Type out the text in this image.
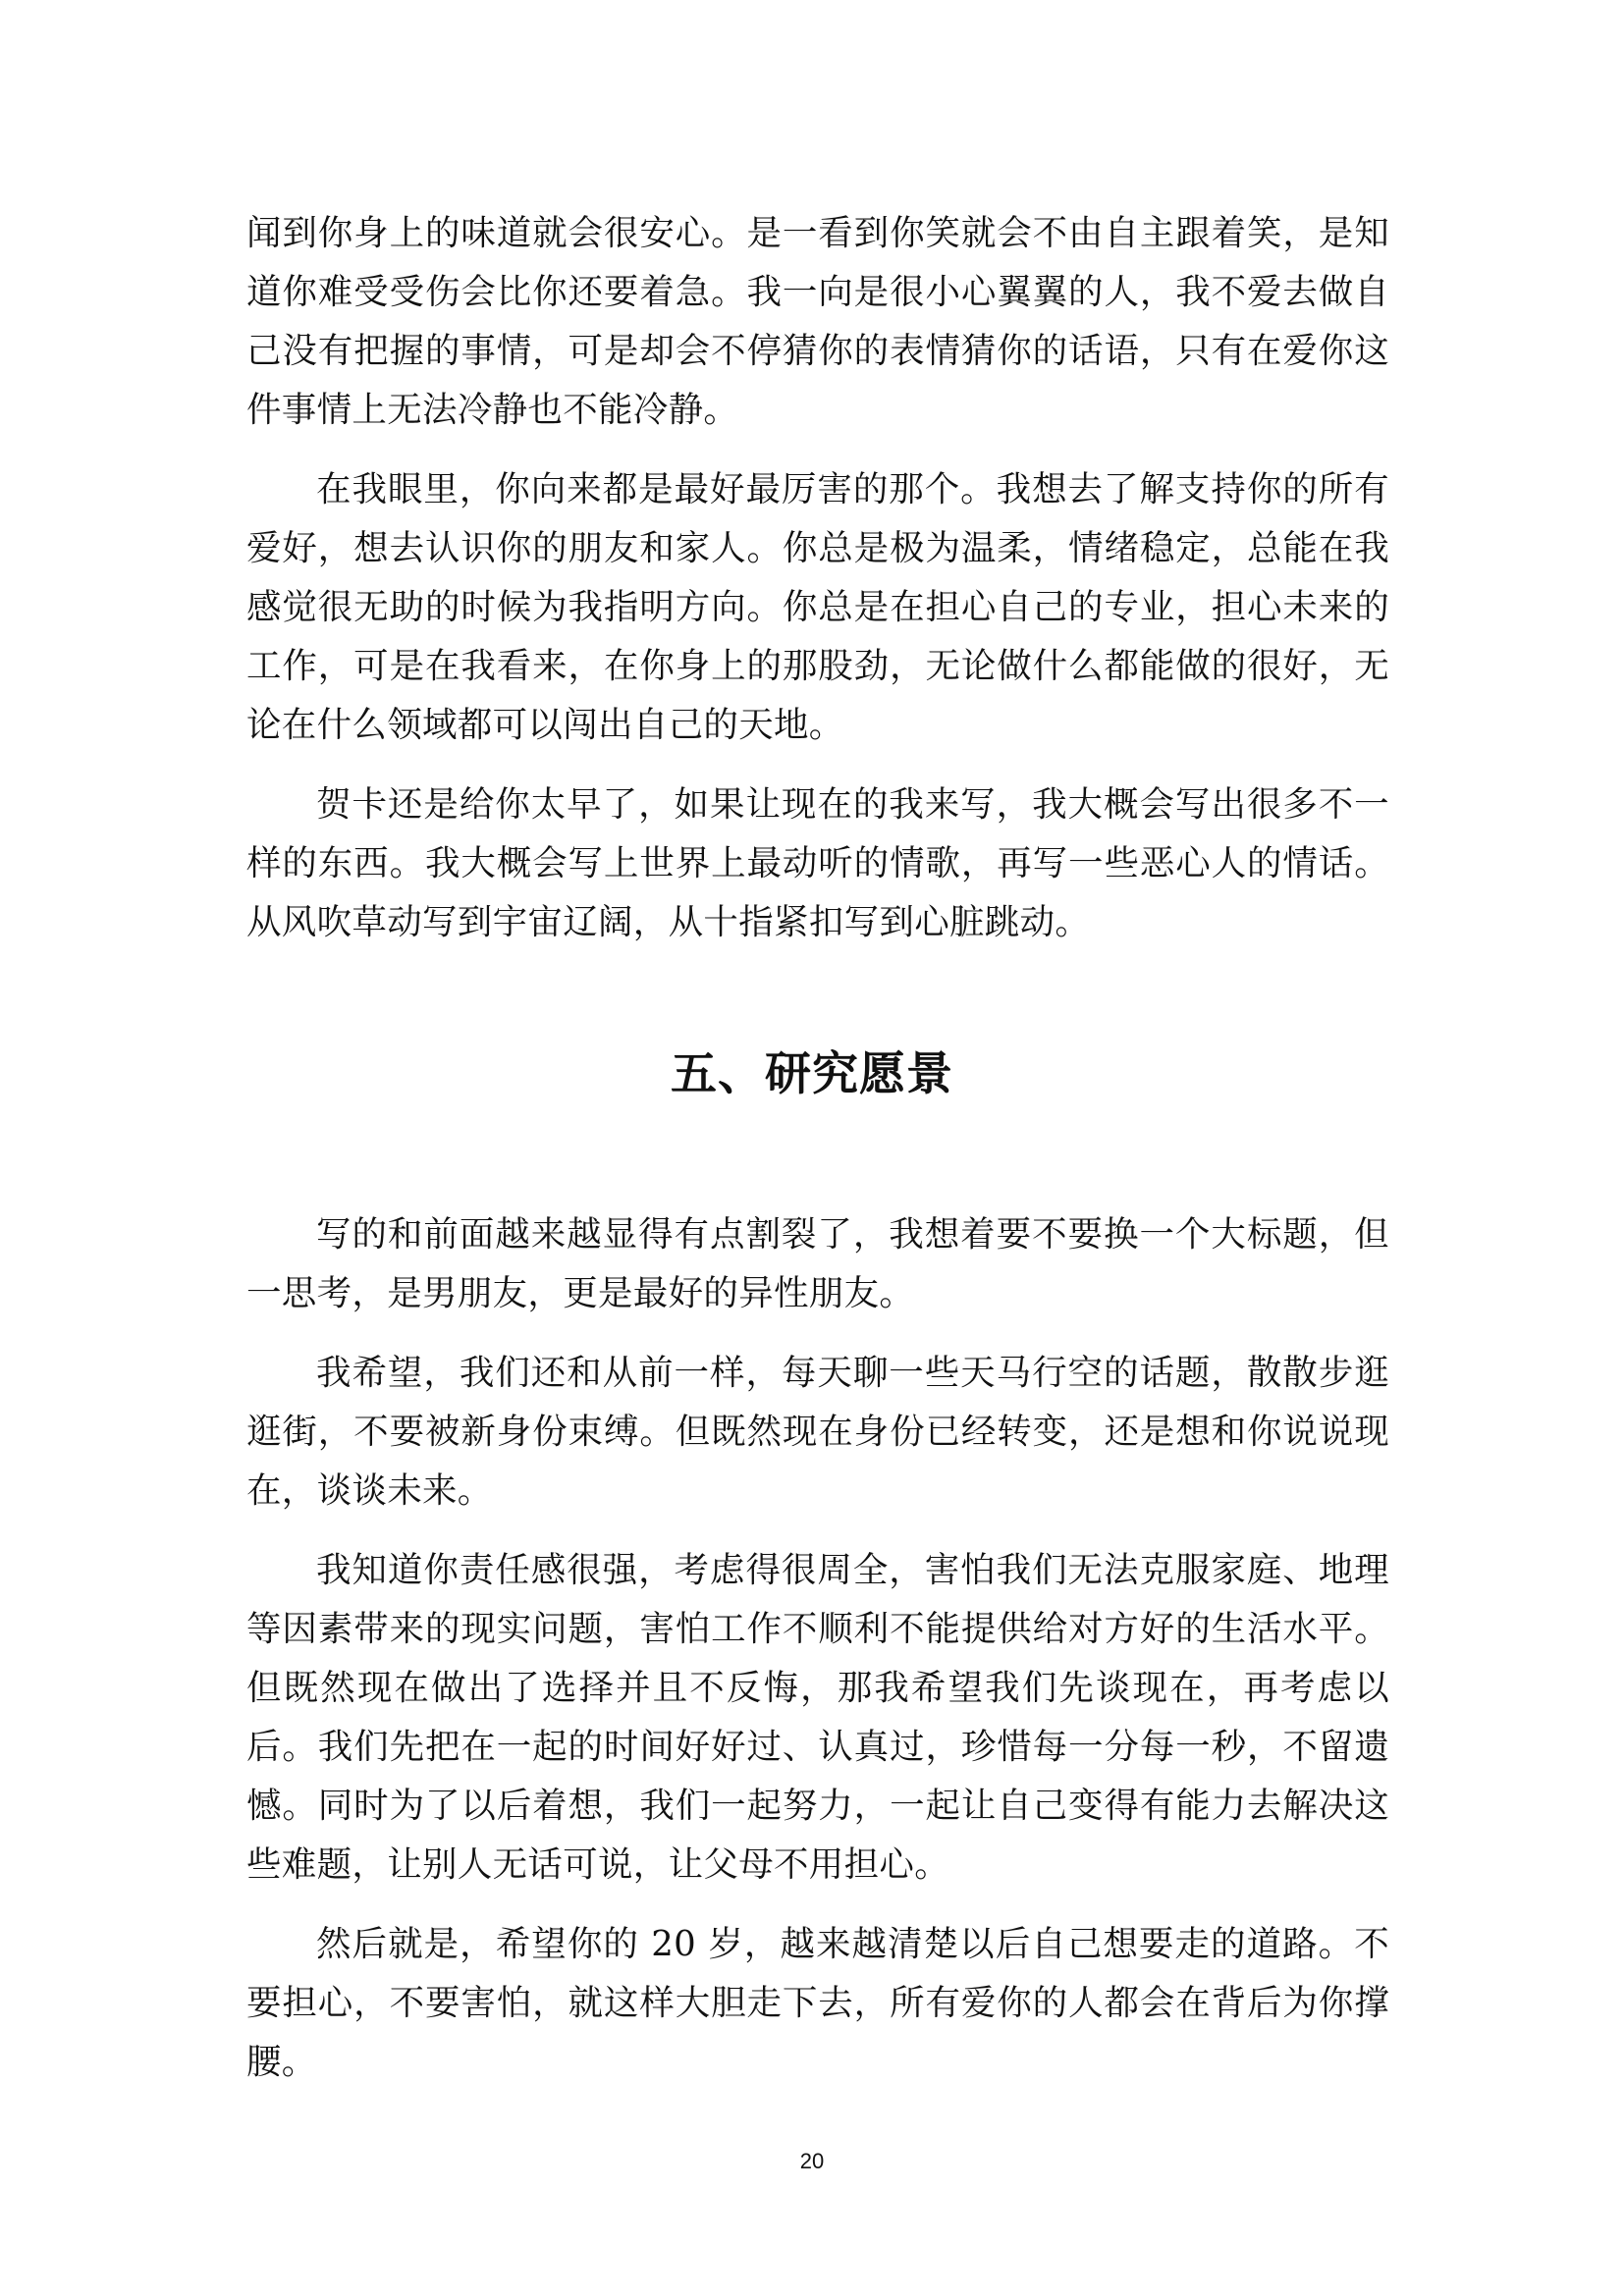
闻到你身上的味道就会很安心。是一看到你笑就会不由自主跟着笑，是知道你难受受伤会比你还要着急。我一向是很小心翼翼的人，我不爱去做自己没有把握的事情，可是却会不停猜你的表情猜你的话语，只有在爱你这件事情上无法冷静也不能冷静。

在我眼里，你向来都是最好最厉害的那个。我想去了解支持你的所有爱好，想去认识你的朋友和家人。你总是极为温柔，情绪稳定，总能在我感觉很无助的时候为我指明方向。你总是在担心自己的专业，担心未来的工作，可是在我看来，在你身上的那股劲，无论做什么都能做的很好，无论在什么领域都可以闯出自己的天地。

贺卡还是给你太早了，如果让现在的我来写，我大概会写出很多不一样的东西。我大概会写上世界上最动听的情歌，再写一些恶心人的情话。从风吹草动写到宇宙辽阔，从十指紧扣写到心脏跳动。

五、研究愿景

写的和前面越来越显得有点割裂了，我想着要不要换一个大标题，但一思考，是男朋友，更是最好的异性朋友。

我希望，我们还和从前一样，每天聊一些天马行空的话题，散散步逛逛街，不要被新身份束缚。但既然现在身份已经转变，还是想和你说说现在，谈谈未来。

我知道你责任感很强，考虑得很周全，害怕我们无法克服家庭、地理等因素带来的现实问题，害怕工作不顺利不能提供给对方好的生活水平。但既然现在做出了选择并且不反悔，那我希望我们先谈现在，再考虑以后。我们先把在一起的时间好好过、认真过，珍惜每一分每一秒，不留遗憾。同时为了以后着想，我们一起努力，一起让自己变得有能力去解决这些难题，让别人无话可说，让父母不用担心。

然后就是，希望你的 20 岁，越来越清楚以后自己想要走的道路。不要担心，不要害怕，就这样大胆走下去，所有爱你的人都会在背后为你撑腰。

20
